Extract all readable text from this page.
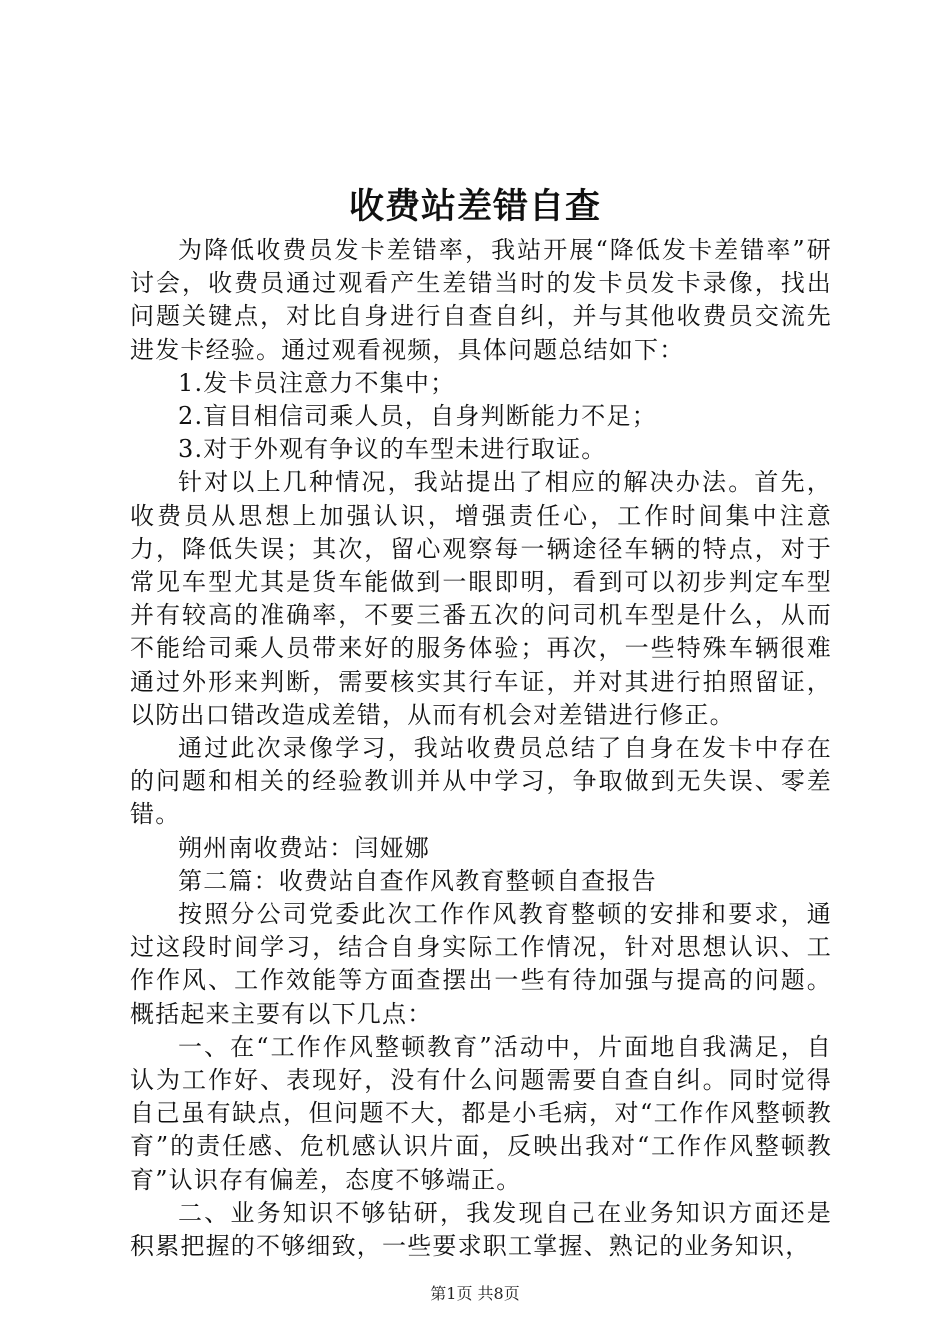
收费站差错自查

为降低收费员发卡差错率，我站开展“降低发卡差错率”研讨会，收费员通过观看产生差错当时的发卡员发卡录像，找出问题关键点，对比自身进行自查自纠，并与其他收费员交流先进发卡经验。通过观看视频，具体问题总结如下：

1.发卡员注意力不集中；

2.盲目相信司乘人员，自身判断能力不足；

3.对于外观有争议的车型未进行取证。

针对以上几种情况，我站提出了相应的解决办法。首先，收费员从思想上加强认识，增强责任心，工作时间集中注意力，降低失误；其次，留心观察每一辆途径车辆的特点，对于常见车型尤其是货车能做到一眼即明，看到可以初步判定车型并有较高的准确率，不要三番五次的问司机车型是什么，从而不能给司乘人员带来好的服务体验；再次，一些特殊车辆很难通过外形来判断，需要核实其行车证，并对其进行拍照留证，以防出口错改造成差错，从而有机会对差错进行修正。

通过此次录像学习，我站收费员总结了自身在发卡中存在的问题和相关的经验教训并从中学习，争取做到无失误、零差错。

朔州南收费站：闫娅娜

第二篇：收费站自查作风教育整顿自查报告

按照分公司党委此次工作作风教育整顿的安排和要求，通过这段时间学习，结合自身实际工作情况，针对思想认识、工作作风、工作效能等方面查摆出一些有待加强与提高的问题。概括起来主要有以下几点：

一、在“工作作风整顿教育”活动中，片面地自我满足，自认为工作好、表现好，没有什么问题需要自查自纠。同时觉得自己虽有缺点，但问题不大，都是小毛病，对“工作作风整顿教育”的责任感、危机感认识片面，反映出我对“工作作风整顿教育”认识存有偏差，态度不够端正。

二、业务知识不够钻研，我发现自己在业务知识方面还是积累把握的不够细致，一些要求职工掌握、熟记的业务知识，

第1页 共8页
